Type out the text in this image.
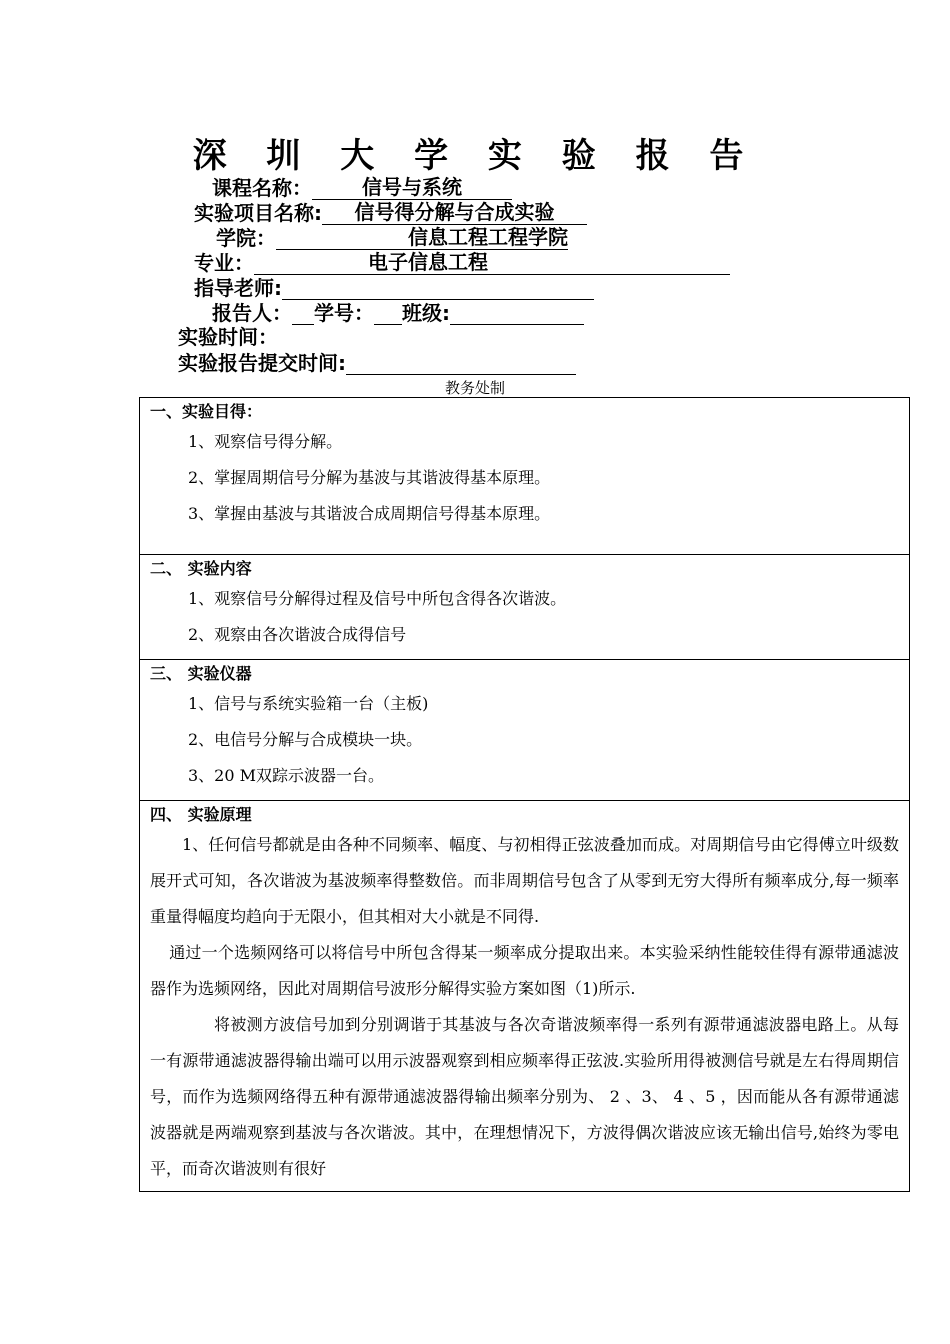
深 圳 大 学 实 验 报 告
课程名称：	信号与系统
实验项目名称: 信号得分解与合成实验
学院：	信息工程工程学院
专业：	电子信息工程
指导老师:
报告人： 学号： 班级:
实验时间：
实验报告提交时间:
教务处制
一、实验目得：
1、观察信号得分解。
2、掌握周期信号分解为基波与其谐波得基本原理。
3、掌握由基波与其谐波合成周期信号得基本原理。

二、 实验内容
1、观察信号分解得过程及信号中所包含得各次谐波。
2、观察由各次谐波合成得信号

三、 实验仪器
1、信号与系统实验箱一台（主板)
2、电信号分解与合成模块一块。
3、20 M双踪示波器一台。

四、 实验原理

1、任何信号都就是由各种不同频率、幅度、与初相得正弦波叠加而成。对周期信号由它得傅立叶级数展开式可知，各次谐波为基波频率得整数倍。而非周期信号包含了从零到无穷大得所有频率成分,每一频率重量得幅度均趋向于无限小，但其相对大小就是不同得.

通过一个选频网络可以将信号中所包含得某一频率成分提取出来。本实验采纳性能较佳得有源带通滤波器作为选频网络，因此对周期信号波形分解得实验方案如图（1)所示.

将被测方波信号加到分别调谐于其基波与各次奇谐波频率得一系列有源带通滤波器电路上。从每一有源带通滤波器得输出端可以用示波器观察到相应频率得正弦波.实验所用得被测信号就是左右得周期信号，而作为选频网络得五种有源带通滤波器得输出频率分别为、 2 、3、 4 、5 ，因而能从各有源带通滤波器就是两端观察到基波与各次谐波。其中，在理想情况下，方波得偶次谐波应该无输出信号,始终为零电平，而奇次谐波则有很好
